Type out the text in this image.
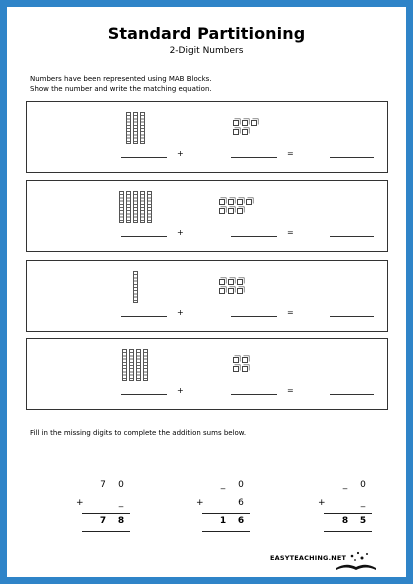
Standard Partitioning
2-Digit Numbers
Numbers have been represented using MAB Blocks.
Show the number and write the matching equation.
+	=
+	=
+	=
+	=
Fill in the missing digits to complete the addition sums below.
7 0
+	_
7 8
_ 0
+	6
1 6
_ 0
+	_
8 5
EASYTEACHING.NET
